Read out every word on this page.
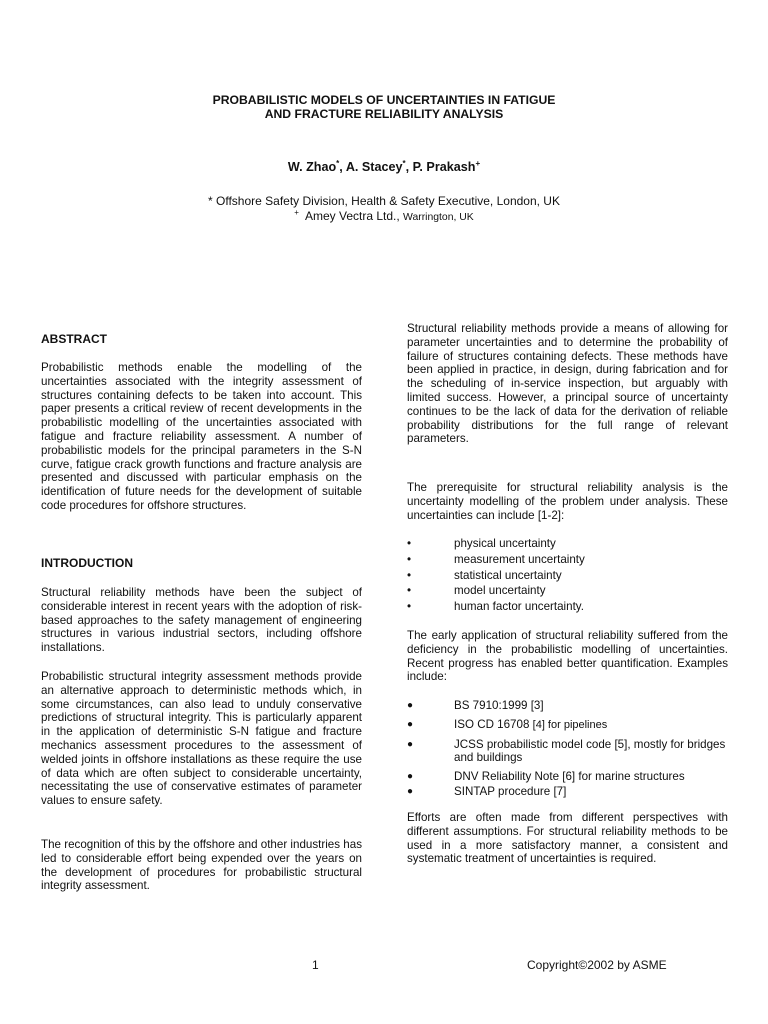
PROBABILISTIC MODELS OF UNCERTAINTIES IN FATIGUE
AND FRACTURE RELIABILITY ANALYSIS
W. Zhao*, A. Stacey*, P. Prakash+
* Offshore Safety Division, Health & Safety Executive, London, UK
+ Amey Vectra Ltd., Warrington, UK
ABSTRACT

Probabilistic methods enable the modelling of the uncertainties associated with the integrity assessment of structures containing defects to be taken into account. This paper presents a critical review of recent developments in the probabilistic modelling of the uncertainties associated with fatigue and fracture reliability assessment. A number of probabilistic models for the principal parameters in the S-N curve, fatigue crack growth functions and fracture analysis are presented and discussed with particular emphasis on the identification of future needs for the development of suitable code procedures for offshore structures.

INTRODUCTION

Structural reliability methods have been the subject of considerable interest in recent years with the adoption of risk-based approaches to the safety management of engineering structures in various industrial sectors, including offshore installations.

Probabilistic structural integrity assessment methods provide an alternative approach to deterministic methods which, in some circumstances, can also lead to unduly conservative predictions of structural integrity. This is particularly apparent in the application of deterministic S-N fatigue and fracture mechanics assessment procedures to the assessment of welded joints in offshore installations as these require the use of data which are often subject to considerable uncertainty, necessitating the use of conservative estimates of parameter values to ensure safety.

The recognition of this by the offshore and other industries has led to considerable effort being expended over the years on the development of procedures for probabilistic structural integrity assessment.

Structural reliability methods provide a means of allowing for parameter uncertainties and to determine the probability of failure of structures containing defects. These methods have been applied in practice, in design, during fabrication and for the scheduling of in-service inspection, but arguably with limited success. However, a principal source of uncertainty continues to be the lack of data for the derivation of reliable probability distributions for the full range of relevant parameters.

The prerequisite for structural reliability analysis is the uncertainty modelling of the problem under analysis. These uncertainties can include [1-2]:

•	physical uncertainty
•	measurement uncertainty
•	statistical uncertainty
•	model uncertainty
•	human factor uncertainty.

The early application of structural reliability suffered from the deficiency in the probabilistic modelling of uncertainties. Recent progress has enabled better quantification. Examples include:

●	BS 7910:1999 [3]
●	ISO CD 16708 [4] for pipelines
●	JCSS probabilistic model code [5], mostly for bridges and buildings
●	DNV Reliability Note [6] for marine structures
●	SINTAP procedure [7]

Efforts are often made from different perspectives with different assumptions. For structural reliability methods to be used in a more satisfactory manner, a consistent and systematic treatment of uncertainties is required.

1	Copyright©2002 by ASME
